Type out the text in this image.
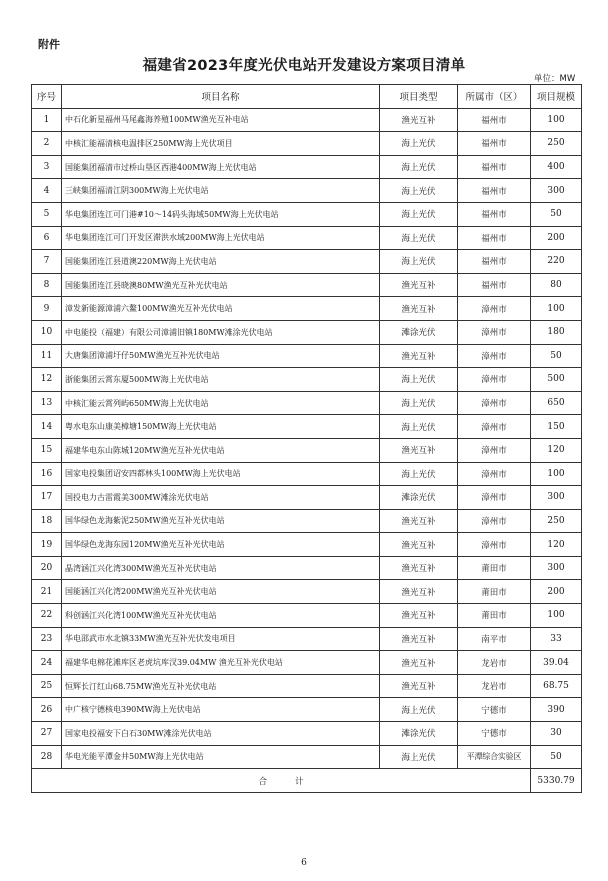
附件
福建省2023年度光伏电站开发建设方案项目清单
单位：MW
序号	项目名称	项目类型	所属市（区）	项目规模
1	中石化新星福州马尾鑫海养殖100MW渔光互补电站	渔光互补	福州市	100
2	中核汇能福清核电温排区250MW海上光伏项目	海上光伏	福州市	250
3	国能集团福清市过桥山垦区西港400MW海上光伏电站	海上光伏	福州市	400
4	三峡集团福清江阴300MW海上光伏电站	海上光伏	福州市	300
5	华电集团连江可门港#10～14码头海域50MW海上光伏电站	海上光伏	福州市	50
6	华电集团连江可门开发区滞洪水域200MW海上光伏电站	海上光伏	福州市	200
7	国能集团连江县道澳220MW海上光伏电站	海上光伏	福州市	220
8	国能集团连江县晓澳80MW渔光互补光伏电站	渔光互补	福州市	80
9	漳发新能源漳浦六鳌100MW渔光互补光伏电站	渔光互补	漳州市	100
10	中电能投（福建）有限公司漳浦旧镇180MW滩涂光伏电站	滩涂光伏	漳州市	180
11	大唐集团漳浦圩仔50MW渔光互补光伏电站	渔光互补	漳州市	50
12	浙能集团云霄东厦500MW海上光伏电站	海上光伏	漳州市	500
13	中核汇能云霄列屿650MW海上光伏电站	海上光伏	漳州市	650
14	粤水电东山康美樟塘150MW海上光伏电站	海上光伏	漳州市	150
15	福建华电东山陈城120MW渔光互补光伏电站	渔光互补	漳州市	120
16	国家电投集团诏安四都林头100MW海上光伏电站	海上光伏	漳州市	100
17	国投电力古雷霞美300MW滩涂光伏电站	滩涂光伏	漳州市	300
18	国华绿色龙海紫泥250MW渔光互补光伏电站	渔光互补	漳州市	250
19	国华绿色龙海东园120MW渔光互补光伏电站	渔光互补	漳州市	120
20	晶湾涵江兴化湾300MW渔光互补光伏电站	渔光互补	莆田市	300
21	国能涵江兴化湾200MW渔光互补光伏电站	渔光互补	莆田市	200
22	科创涵江兴化湾100MW渔光互补光伏电站	渔光互补	莆田市	100
23	华电邵武市水北镇33MW渔光互补光伏发电项目	渔光互补	南平市	33
24	福建华电棉花滩库区老虎坑库汊39.04MW 渔光互补光伏电站	渔光互补	龙岩市	39.04
25	恒辉长汀红山68.75MW渔光互补光伏电站	渔光互补	龙岩市	68.75
26	中广核宁德核电390MW海上光伏电站	海上光伏	宁德市	390
27	国家电投福安下白石30MW滩涂光伏电站	滩涂光伏	宁德市	30
28	华电光能平潭金井50MW海上光伏电站	海上光伏	平潭综合实验区	50
合计				5330.79
6
